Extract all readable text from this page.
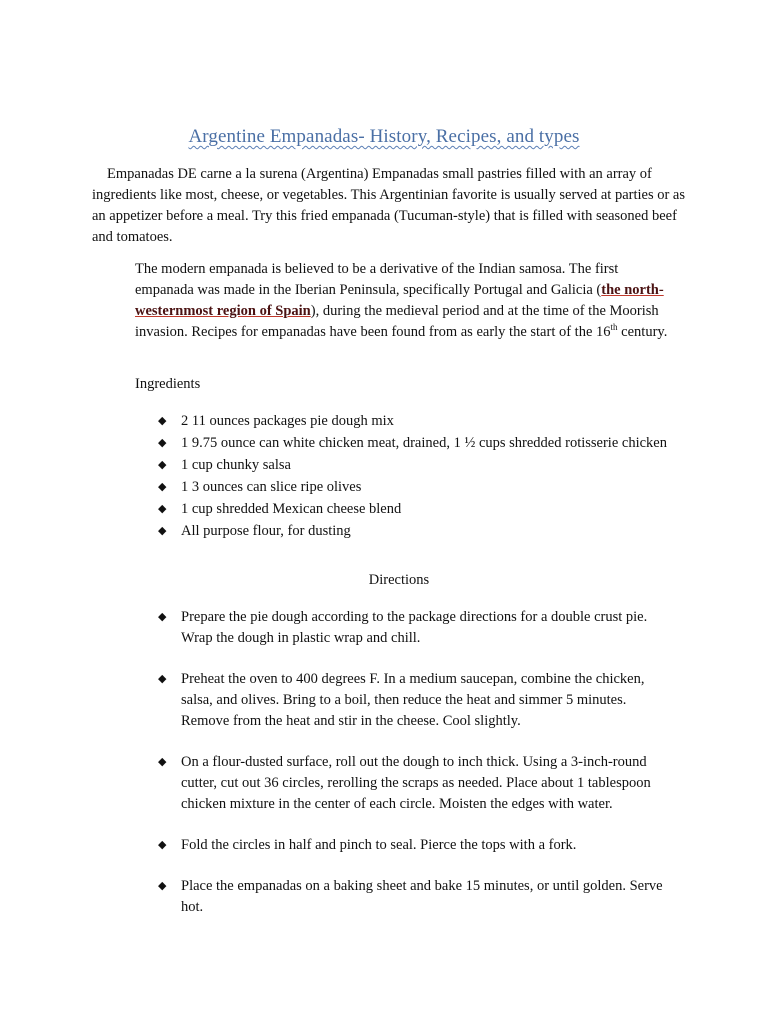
Argentine Empanadas- History, Recipes, and types

Empanadas DE carne a la surena (Argentina) Empanadas small pastries filled with an array of ingredients like most, cheese, or vegetables. This Argentinian favorite is usually served at parties or as an appetizer before a meal. Try this fried empanada (Tucuman-style) that is filled with seasoned beef and tomatoes.

The modern empanada is believed to be a derivative of the Indian samosa. The first empanada was made in the Iberian Peninsula, specifically Portugal and Galicia (the north-westernmost region of Spain), during the medieval period and at the time of the Moorish invasion. Recipes for empanadas have been found from as early the start of the 16th century.

Ingredients

◆ 2 11 ounces packages pie dough mix
◆ 1 9.75 ounce can white chicken meat, drained, 1 ½ cups shredded rotisserie chicken
◆ 1 cup chunky salsa
◆ 1 3 ounces can slice ripe olives
◆ 1 cup shredded Mexican cheese blend
◆ All purpose flour, for dusting

Directions

◆ Prepare the pie dough according to the package directions for a double crust pie. Wrap the dough in plastic wrap and chill.
◆ Preheat the oven to 400 degrees F. In a medium saucepan, combine the chicken, salsa, and olives. Bring to a boil, then reduce the heat and simmer 5 minutes. Remove from the heat and stir in the cheese. Cool slightly.
◆ On a flour-dusted surface, roll out the dough to inch thick. Using a 3-inch-round cutter, cut out 36 circles, rerolling the scraps as needed. Place about 1 tablespoon chicken mixture in the center of each circle. Moisten the edges with water.
◆ Fold the circles in half and pinch to seal. Pierce the tops with a fork.
◆ Place the empanadas on a baking sheet and bake 15 minutes, or until golden. Serve hot.
